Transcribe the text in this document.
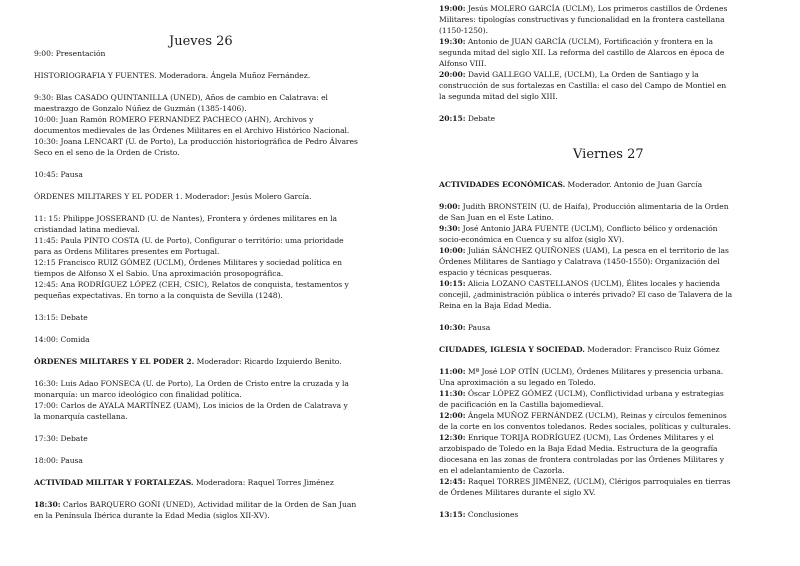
Jueves 26
9:00: Presentación
HISTORIOGRAFIA Y FUENTES. Moderadora. Ángela Muñoz Fernández.
9:30: Blas CASADO QUINTANILLA (UNED), Años de cambio en Calatrava: el
maestrazgo de Gonzalo Núñez de Guzmán (1385-1406).
10:00: Juan Ramón ROMERO FERNANDEZ PACHECO (AHN), Archivos y
documentos medievales de las Órdenes Militares en el Archivo Histórico Nacional.
10:30: Joana LENCART (U. de Porto), La producción historiográfica de Pedro Álvares
Seco en el seno de la Orden de Cristo.
10:45: Pausa
ÓRDENES MILITARES Y EL PODER 1. Moderador: Jesús Molero García.
11: 15: Philippe JOSSERAND (U. de Nantes), Frontera y órdenes militares en la
cristiandad latina medieval.
11:45: Paula PINTO COSTA (U. de Porto), Configurar o território: uma prioridade
para as Ordens Militares presentes em Portugal.
12:15 Francisco RUIZ GÓMEZ (UCLM), Órdenes Militares y sociedad política en
tiempos de Alfonso X el Sabio. Una aproximación prosopográfica.
12:45: Ana RODRÍGUEZ LÓPEZ (CEH, CSIC), Relatos de conquista, testamentos y
pequeñas expectativas. En torno a la conquista de Sevilla (1248).
13:15: Debate
14:00: Comida
ÓRDENES MILITARES Y EL PODER 2. Moderador: Ricardo Izquierdo Benito.
16:30: Luis Adao FONSECA (U. de Porto), La Orden de Cristo entre la cruzada y la
monarquía: un marco ideológico con finalidad política.
17:00: Carlos de AYALA MARTÍNEZ (UAM), Los inicios de la Orden de Calatrava y
la monarquía castellana.
17:30: Debate
18:00: Pausa
ACTIVIDAD MILITAR Y FORTALEZAS. Moderadora: Raquel Torres Jiménez
18:30: Carlos BARQUERO GOÑI (UNED), Actividad militar de la Orden de San Juan
en la Península Ibérica durante la Edad Media (siglos XII-XV).
Viernes 27
19:00: Jesús MOLERO GARCÍA (UCLM), Los primeros castillos de Órdenes
Militares: tipologías constructivas y funcionalidad en la frontera castellana
(1150-1250).
19:30: Antonio de JUAN GARCÍA (UCLM), Fortificación y frontera en la
segunda mitad del siglo XII. La reforma del castillo de Alarcos en época de
Alfonso VIII.
20:00: David GALLEGO VALLE, (UCLM), La Orden de Santiago y la
construcción de sus fortalezas en Castilla: el caso del Campo de Montiel en
la segunda mitad del siglo XIII.
20:15: Debate
ACTIVIDADES ECONÓMICAS. Moderador. Antonio de Juan García
9:00: Judith BRONSTEIN (U. de Haifa), Producción alimentaria de la Orden
de San Juan en el Este Latino.
9:30: José Antonio JARA FUENTE (UCLM), Conflicto bélico y ordenación
socio-económica en Cuenca y su alfoz (siglo XV).
10:00: Julián SÁNCHEZ QUIÑONES (UAM), La pesca en el territorio de las
Órdenes Militares de Santiago y Calatrava (1450-1550): Organización del
espacio y técnicas pesqueras.
10:15: Alicia LOZANO CASTELLANOS (UCLM), Élites locales y hacienda
concejil, ¿administración pública o interés privado? El caso de Talavera de la
Reina en la Baja Edad Media.
10:30: Pausa
CIUDADES, IGLESIA Y SOCIEDAD. Moderador: Francisco Ruiz Gómez
11:00: Mª José LOP OTÍN (UCLM), Órdenes Militares y presencia urbana.
Una aproximación a su legado en Toledo.
11:30: Óscar LÓPEZ GÓMEZ (UCLM), Conflictividad urbana y estrategias
de pacificación en la Castilla bajomedieval.
12:00: Ángela MUÑOZ FERNÁNDEZ (UCLM), Reinas y círculos femeninos
de la corte en los conventos toledanos. Redes sociales, políticas y culturales.
12:30: Enrique TORIJA RODRÍGUEZ (UCM), Las Órdenes Militares y el
arzobispado de Toledo en la Baja Edad Media. Estructura de la geografía
diocesana en las zonas de frontera controladas por las Órdenes Militares y
en el adelantamiento de Cazorla.
12:45: Raquel TORRES JIMÉNEZ, (UCLM), Clérigos parroquiales en tierras
de Órdenes Militares durante el siglo XV.
13:15: Conclusiones
